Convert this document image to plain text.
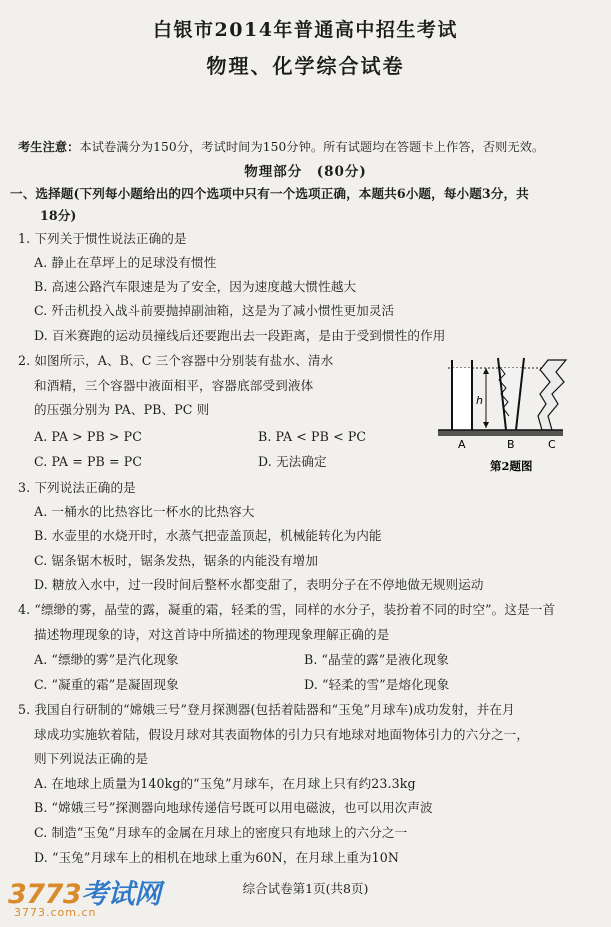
白银市2014年普通高中招生考试
物理、化学综合试卷
考生注意：本试卷满分为150分，考试时间为150分钟。所有试题均在答题卡上作答，否则无效。
物理部分　(80分)
一、选择题(下列每小题给出的四个选项中只有一个选项正确，本题共6小题，每小题3分，共
18分)
1. 下列关于惯性说法正确的是
A. 静止在草坪上的足球没有惯性
B. 高速公路汽车限速是为了安全，因为速度越大惯性越大
C. 歼击机投入战斗前要抛掉副油箱，这是为了减小惯性更加灵活
D. 百米赛跑的运动员撞线后还要跑出去一段距离，是由于受到惯性的作用
2. 如图所示，A、B、C 三个容器中分别装有盐水、清水
和酒精，三个容器中液面相平，容器底部受到液体
的压强分别为 PA、PB、PC 则
A. PA > PB > PC	B. PA < PB < PC
C. PA = PB = PC	D. 无法确定
h
A	B	C
第2题图
3. 下列说法正确的是
A. 一桶水的比热容比一杯水的比热容大
B. 水壶里的水烧开时，水蒸气把壶盖顶起，机械能转化为内能
C. 锯条锯木板时，锯条发热，锯条的内能没有增加
D. 糖放入水中，过一段时间后整杯水都变甜了，表明分子在不停地做无规则运动
4. “缥缈的雾，晶莹的露，凝重的霜，轻柔的雪，同样的水分子，装扮着不同的时空”。这是一首
描述物理现象的诗，对这首诗中所描述的物理现象理解正确的是
A. “缥缈的雾”是汽化现象	B. “晶莹的露”是液化现象
C. “凝重的霜”是凝固现象	D. “轻柔的雪”是熔化现象
5. 我国自行研制的“嫦娥三号”登月探测器(包括着陆器和“玉兔”月球车)成功发射，并在月
球成功实施软着陆，假设月球对其表面物体的引力只有地球对地面物体引力的六分之一，
则下列说法正确的是
A. 在地球上质量为140kg的“玉兔”月球车，在月球上只有约23.3kg
B. “嫦娥三号”探测器向地球传递信号既可以用电磁波，也可以用次声波
C. 制造“玉兔”月球车的金属在月球上的密度只有地球上的六分之一
D. “玉兔”月球车上的相机在地球上重为60N，在月球上重为10N
综合试卷第1页(共8页)
3773考试网
3773.com.cn
